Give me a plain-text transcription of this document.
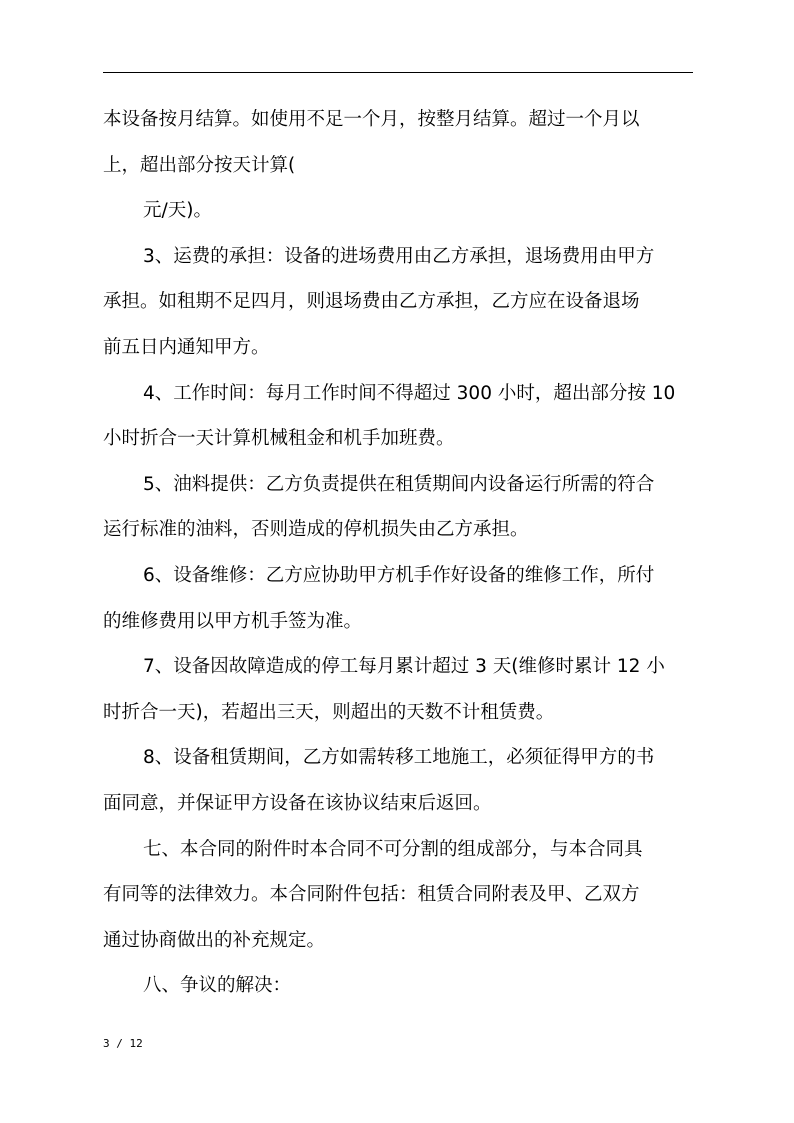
本设备按月结算。如使用不足一个月，按整月结算。超过一个月以
上，超出部分按天计算(
元/天)。
3、运费的承担：设备的进场费用由乙方承担，退场费用由甲方
承担。如租期不足四月，则退场费由乙方承担，乙方应在设备退场
前五日内通知甲方。
4、工作时间：每月工作时间不得超过 300 小时，超出部分按 10
小时折合一天计算机械租金和机手加班费。
5、油料提供：乙方负责提供在租赁期间内设备运行所需的符合
运行标准的油料，否则造成的停机损失由乙方承担。
6、设备维修：乙方应协助甲方机手作好设备的维修工作，所付
的维修费用以甲方机手签为准。
7、设备因故障造成的停工每月累计超过 3 天(维修时累计 12 小
时折合一天)，若超出三天，则超出的天数不计租赁费。
8、设备租赁期间，乙方如需转移工地施工，必须征得甲方的书
面同意，并保证甲方设备在该协议结束后返回。
七、本合同的附件时本合同不可分割的组成部分，与本合同具
有同等的法律效力。本合同附件包括：租赁合同附表及甲、乙双方
通过协商做出的补充规定。
八、争议的解决：
3 / 12
